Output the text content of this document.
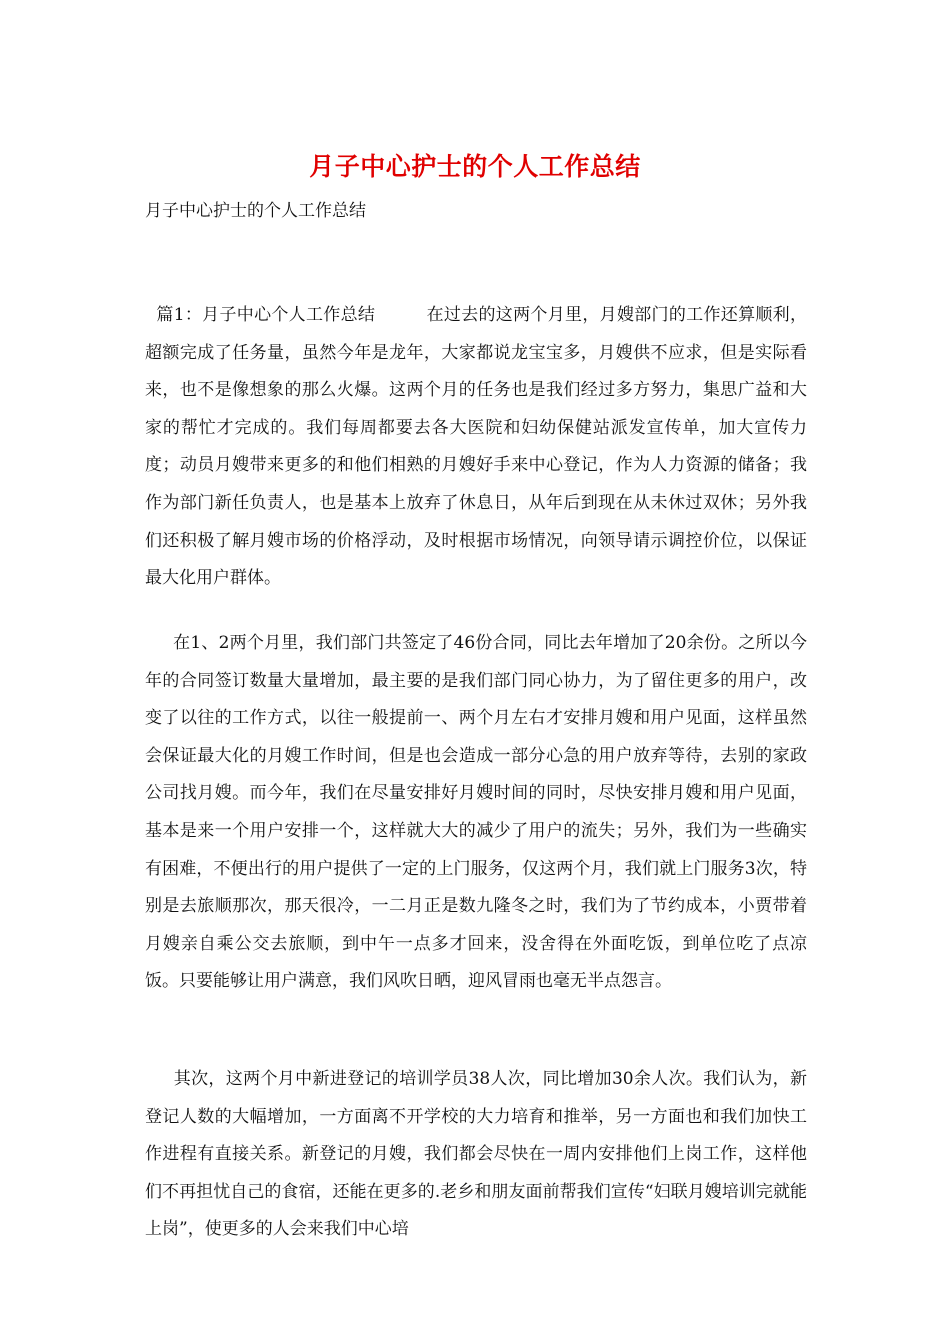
月子中心护士的个人工作总结
月子中心护士的个人工作总结
篇1：月子中心个人工作总结         在过去的这两个月里，月嫂部门的工作还算顺利，超额完成了任务量，虽然今年是龙年，大家都说龙宝宝多，月嫂供不应求，但是实际看来，也不是像想象的那么火爆。这两个月的任务也是我们经过多方努力，集思广益和大家的帮忙才完成的。我们每周都要去各大医院和妇幼保健站派发宣传单，加大宣传力度；动员月嫂带来更多的和他们相熟的月嫂好手来中心登记，作为人力资源的储备；我作为部门新任负责人，也是基本上放弃了休息日，从年后到现在从未休过双休；另外我们还积极了解月嫂市场的价格浮动，及时根据市场情况，向领导请示调控价位，以保证最大化用户群体。
在1、2两个月里，我们部门共签定了46份合同，同比去年增加了20余份。之所以今年的合同签订数量大量增加，最主要的是我们部门同心协力，为了留住更多的用户，改变了以往的工作方式，以往一般提前一、两个月左右才安排月嫂和用户见面，这样虽然会保证最大化的月嫂工作时间，但是也会造成一部分心急的用户放弃等待，去别的家政公司找月嫂。而今年，我们在尽量安排好月嫂时间的同时，尽快安排月嫂和用户见面，基本是来一个用户安排一个，这样就大大的减少了用户的流失；另外，我们为一些确实有困难，不便出行的用户提供了一定的上门服务，仅这两个月，我们就上门服务3次，特别是去旅顺那次，那天很冷，一二月正是数九隆冬之时，我们为了节约成本，小贾带着月嫂亲自乘公交去旅顺，到中午一点多才回来，没舍得在外面吃饭，到单位吃了点凉饭。只要能够让用户满意，我们风吹日晒，迎风冒雨也毫无半点怨言。
其次，这两个月中新进登记的培训学员38人次，同比增加30余人次。我们认为，新登记人数的大幅增加，一方面离不开学校的大力培育和推举，另一方面也和我们加快工作进程有直接关系。新登记的月嫂，我们都会尽快在一周内安排他们上岗工作，这样他们不再担忧自己的食宿，还能在更多的.老乡和朋友面前帮我们宣传“妇联月嫂培训完就能上岗”，使更多的人会来我们中心培
